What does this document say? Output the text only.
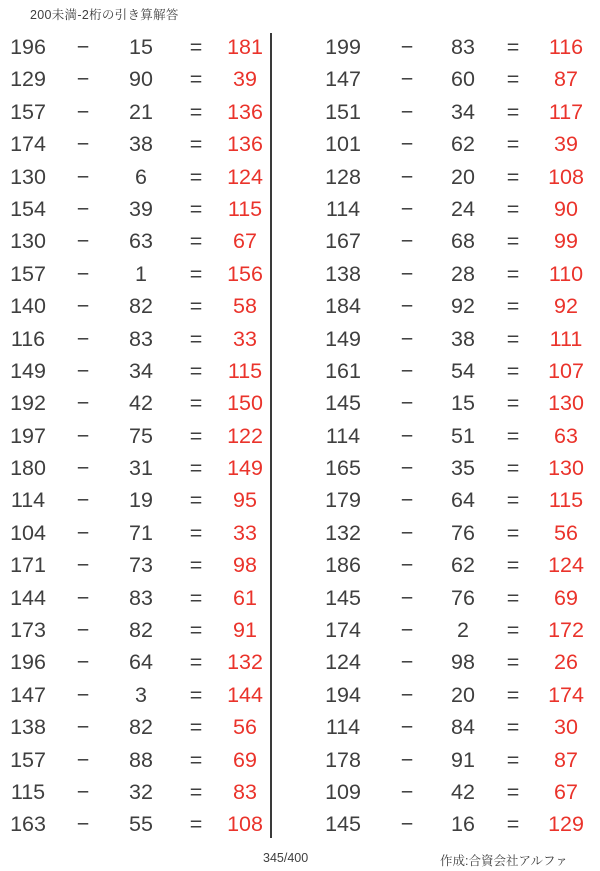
200未満-2桁の引き算解答
196	−	15	=	181
129	−	90	=	39
157	−	21	=	136
174	−	38	=	136
130	−	6	=	124
154	−	39	=	115
130	−	63	=	67
157	−	1	=	156
140	−	82	=	58
116	−	83	=	33
149	−	34	=	115
192	−	42	=	150
197	−	75	=	122
180	−	31	=	149
114	−	19	=	95
104	−	71	=	33
171	−	73	=	98
144	−	83	=	61
173	−	82	=	91
196	−	64	=	132
147	−	3	=	144
138	−	82	=	56
157	−	88	=	69
115	−	32	=	83
163	−	55	=	108
199	−	83	=	116
147	−	60	=	87
151	−	34	=	117
101	−	62	=	39
128	−	20	=	108
114	−	24	=	90
167	−	68	=	99
138	−	28	=	110
184	−	92	=	92
149	−	38	=	111
161	−	54	=	107
145	−	15	=	130
114	−	51	=	63
165	−	35	=	130
179	−	64	=	115
132	−	76	=	56
186	−	62	=	124
145	−	76	=	69
174	−	2	=	172
124	−	98	=	26
194	−	20	=	174
114	−	84	=	30
178	−	91	=	87
109	−	42	=	67
145	−	16	=	129
345/400	作成:合資会社アルファ
